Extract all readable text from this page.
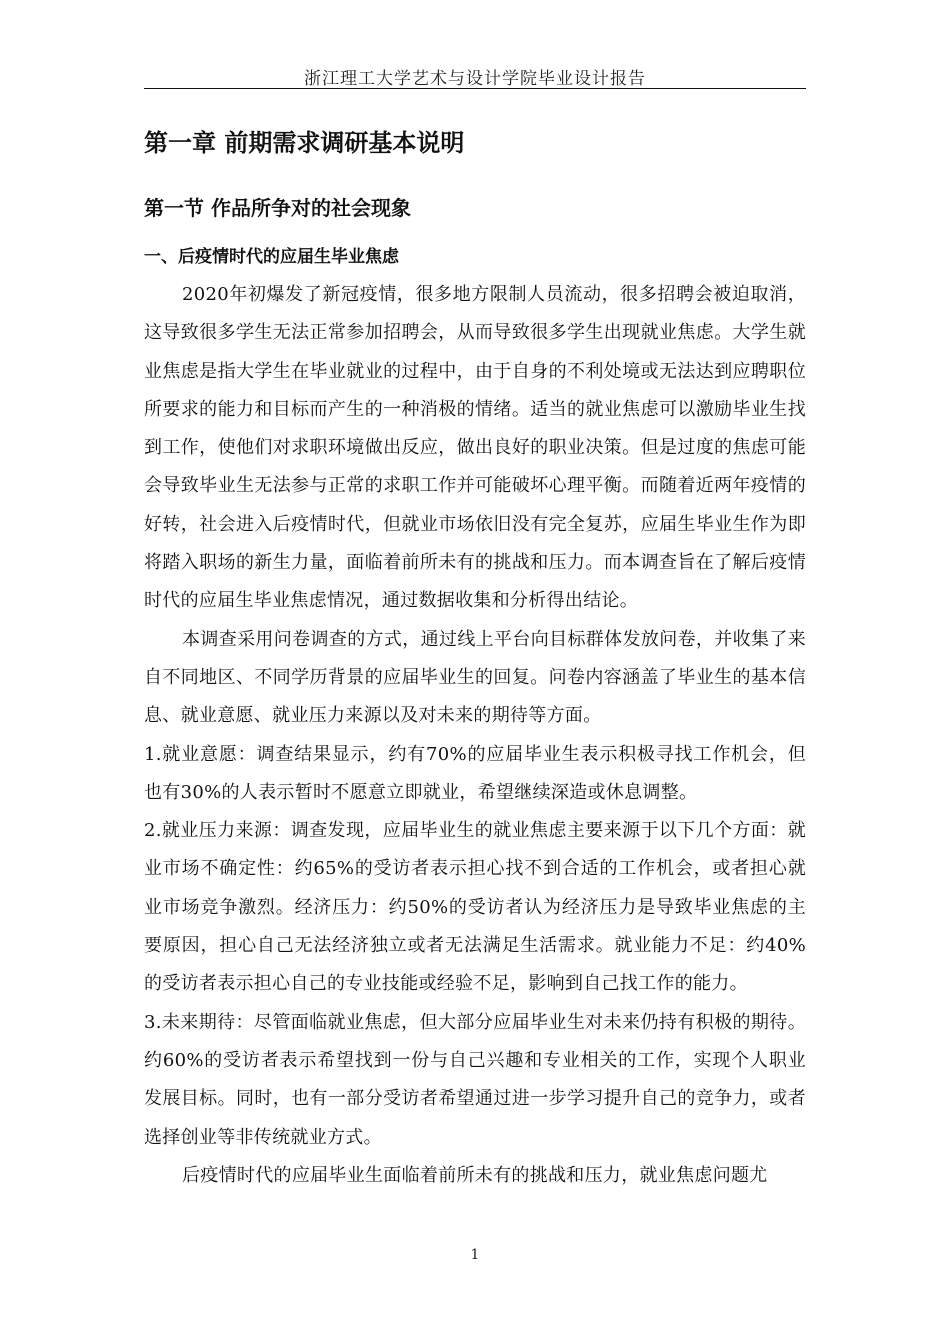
浙江理工大学艺术与设计学院毕业设计报告
第一章 前期需求调研基本说明
第一节 作品所争对的社会现象
一、后疫情时代的应届生毕业焦虑

2020年初爆发了新冠疫情，很多地方限制人员流动，很多招聘会被迫取消，这导致很多学生无法正常参加招聘会，从而导致很多学生出现就业焦虑。大学生就业焦虑是指大学生在毕业就业的过程中，由于自身的不利处境或无法达到应聘职位所要求的能力和目标而产生的一种消极的情绪。适当的就业焦虑可以激励毕业生找到工作，使他们对求职环境做出反应，做出良好的职业决策。但是过度的焦虑可能会导致毕业生无法参与正常的求职工作并可能破坏心理平衡。而随着近两年疫情的好转，社会进入后疫情时代，但就业市场依旧没有完全复苏，应届生毕业生作为即将踏入职场的新生力量，面临着前所未有的挑战和压力。而本调查旨在了解后疫情时代的应届生毕业焦虑情况，通过数据收集和分析得出结论。

本调查采用问卷调查的方式，通过线上平台向目标群体发放问卷，并收集了来自不同地区、不同学历背景的应届毕业生的回复。问卷内容涵盖了毕业生的基本信息、就业意愿、就业压力来源以及对未来的期待等方面。

1.就业意愿：调查结果显示，约有70%的应届毕业生表示积极寻找工作机会，但也有30%的人表示暂时不愿意立即就业，希望继续深造或休息调整。

2.就业压力来源：调查发现，应届毕业生的就业焦虑主要来源于以下几个方面：就业市场不确定性：约65%的受访者表示担心找不到合适的工作机会，或者担心就业市场竞争激烈。经济压力：约50%的受访者认为经济压力是导致毕业焦虑的主要原因，担心自己无法经济独立或者无法满足生活需求。就业能力不足：约40%的受访者表示担心自己的专业技能或经验不足，影响到自己找工作的能力。

3.未来期待：尽管面临就业焦虑，但大部分应届毕业生对未来仍持有积极的期待。约60%的受访者表示希望找到一份与自己兴趣和专业相关的工作，实现个人职业发展目标。同时，也有一部分受访者希望通过进一步学习提升自己的竞争力，或者选择创业等非传统就业方式。

后疫情时代的应届毕业生面临着前所未有的挑战和压力，就业焦虑问题尤

1
